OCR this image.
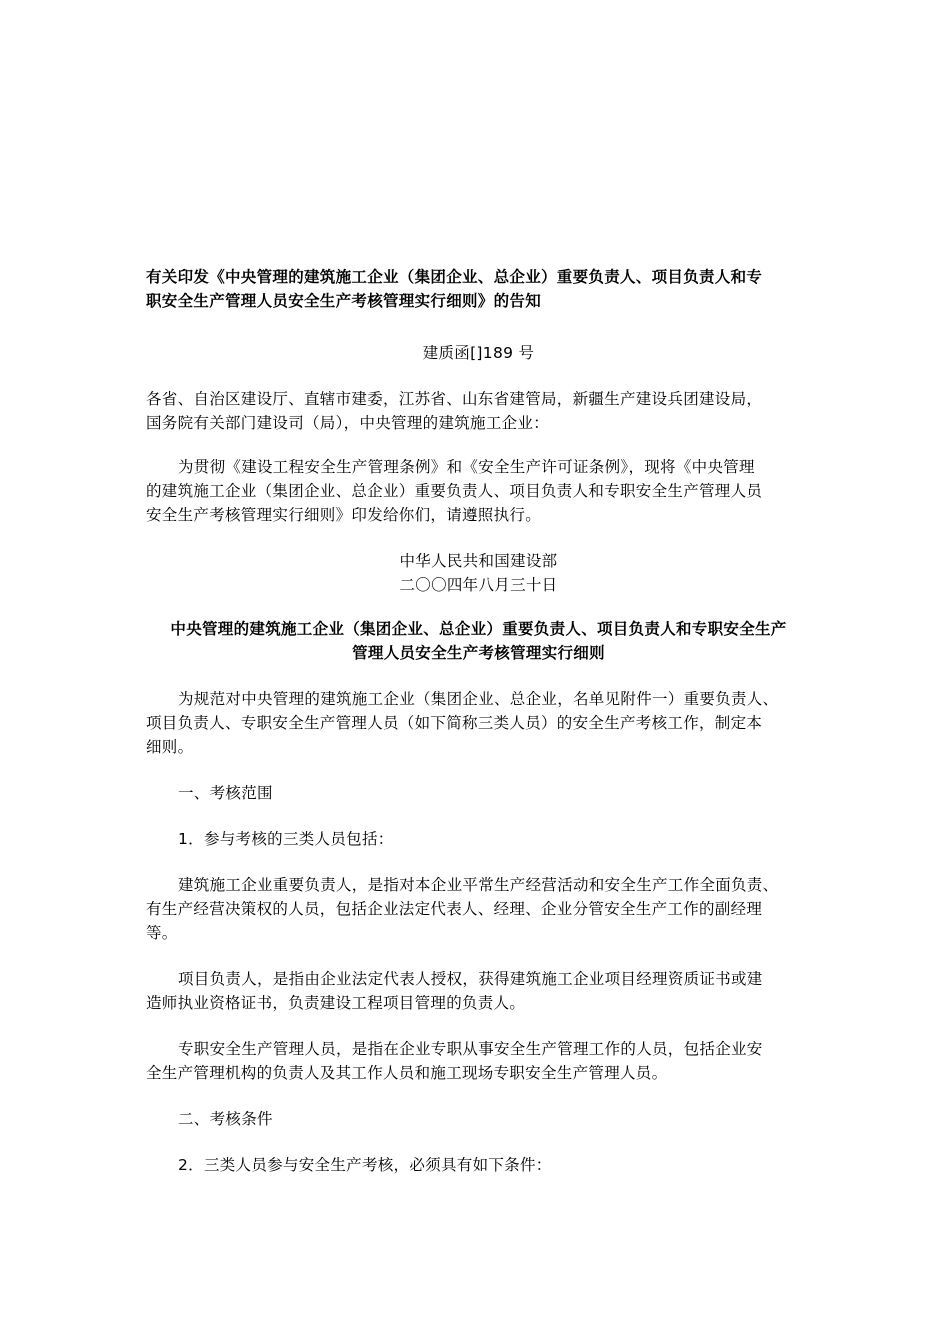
有关印发《中央管理的建筑施工企业（集团企业、总企业）重要负责人、项目负责人和专
职安全生产管理人员安全生产考核管理实行细则》的告知

建质函[]189 号

各省、自治区建设厅、直辖市建委，江苏省、山东省建管局，新疆生产建设兵团建设局，
国务院有关部门建设司（局），中央管理的建筑施工企业：

为贯彻《建设工程安全生产管理条例》和《安全生产许可证条例》，现将《中央管理
的建筑施工企业（集团企业、总企业）重要负责人、项目负责人和专职安全生产管理人员
安全生产考核管理实行细则》印发给你们，请遵照执行。

中华人民共和国建设部
二〇〇四年八月三十日

中央管理的建筑施工企业（集团企业、总企业）重要负责人、项目负责人和专职安全生产
管理人员安全生产考核管理实行细则

为规范对中央管理的建筑施工企业（集团企业、总企业，名单见附件一）重要负责人、
项目负责人、专职安全生产管理人员（如下简称三类人员）的安全生产考核工作，制定本
细则。

一、考核范围

1．参与考核的三类人员包括：

建筑施工企业重要负责人，是指对本企业平常生产经营活动和安全生产工作全面负责、
有生产经营决策权的人员，包括企业法定代表人、经理、企业分管安全生产工作的副经理
等。

项目负责人，是指由企业法定代表人授权，获得建筑施工企业项目经理资质证书或建
造师执业资格证书，负责建设工程项目管理的负责人。

专职安全生产管理人员，是指在企业专职从事安全生产管理工作的人员，包括企业安
全生产管理机构的负责人及其工作人员和施工现场专职安全生产管理人员。

二、考核条件

2．三类人员参与安全生产考核，必须具有如下条件：
